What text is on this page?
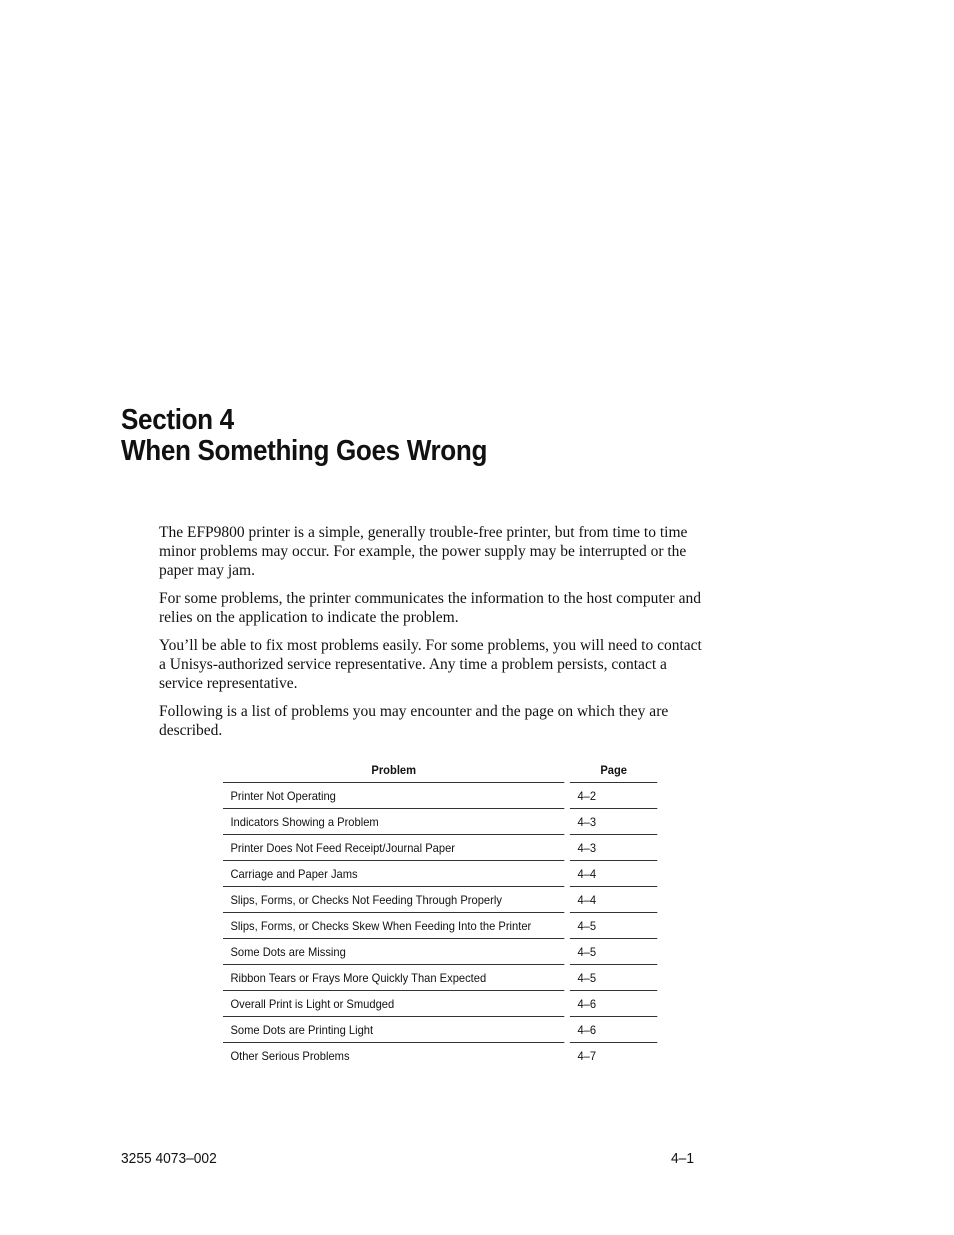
Section 4
When Something Goes Wrong

The EFP9800 printer is a simple, generally trouble-free printer, but from time to time minor problems may occur. For example, the power supply may be interrupted or the paper may jam.

For some problems, the printer communicates the information to the host computer and relies on the application to indicate the problem.

You’ll be able to fix most problems easily. For some problems, you will need to contact a Unisys-authorized service representative. Any time a problem persists, contact a service representative.

Following is a list of problems you may encounter and the page on which they are described.

Problem	Page
Printer Not Operating	4–2
Indicators Showing a Problem	4–3
Printer Does Not Feed Receipt/Journal Paper	4–3
Carriage and Paper Jams	4–4
Slips, Forms, or Checks Not Feeding Through Properly	4–4
Slips, Forms, or Checks Skew When Feeding Into the Printer	4–5
Some Dots are Missing	4–5
Ribbon Tears or Frays More Quickly Than Expected	4–5
Overall Print is Light or Smudged	4–6
Some Dots are Printing Light	4–6
Other Serious Problems	4–7
3255 4073–002	4–1
